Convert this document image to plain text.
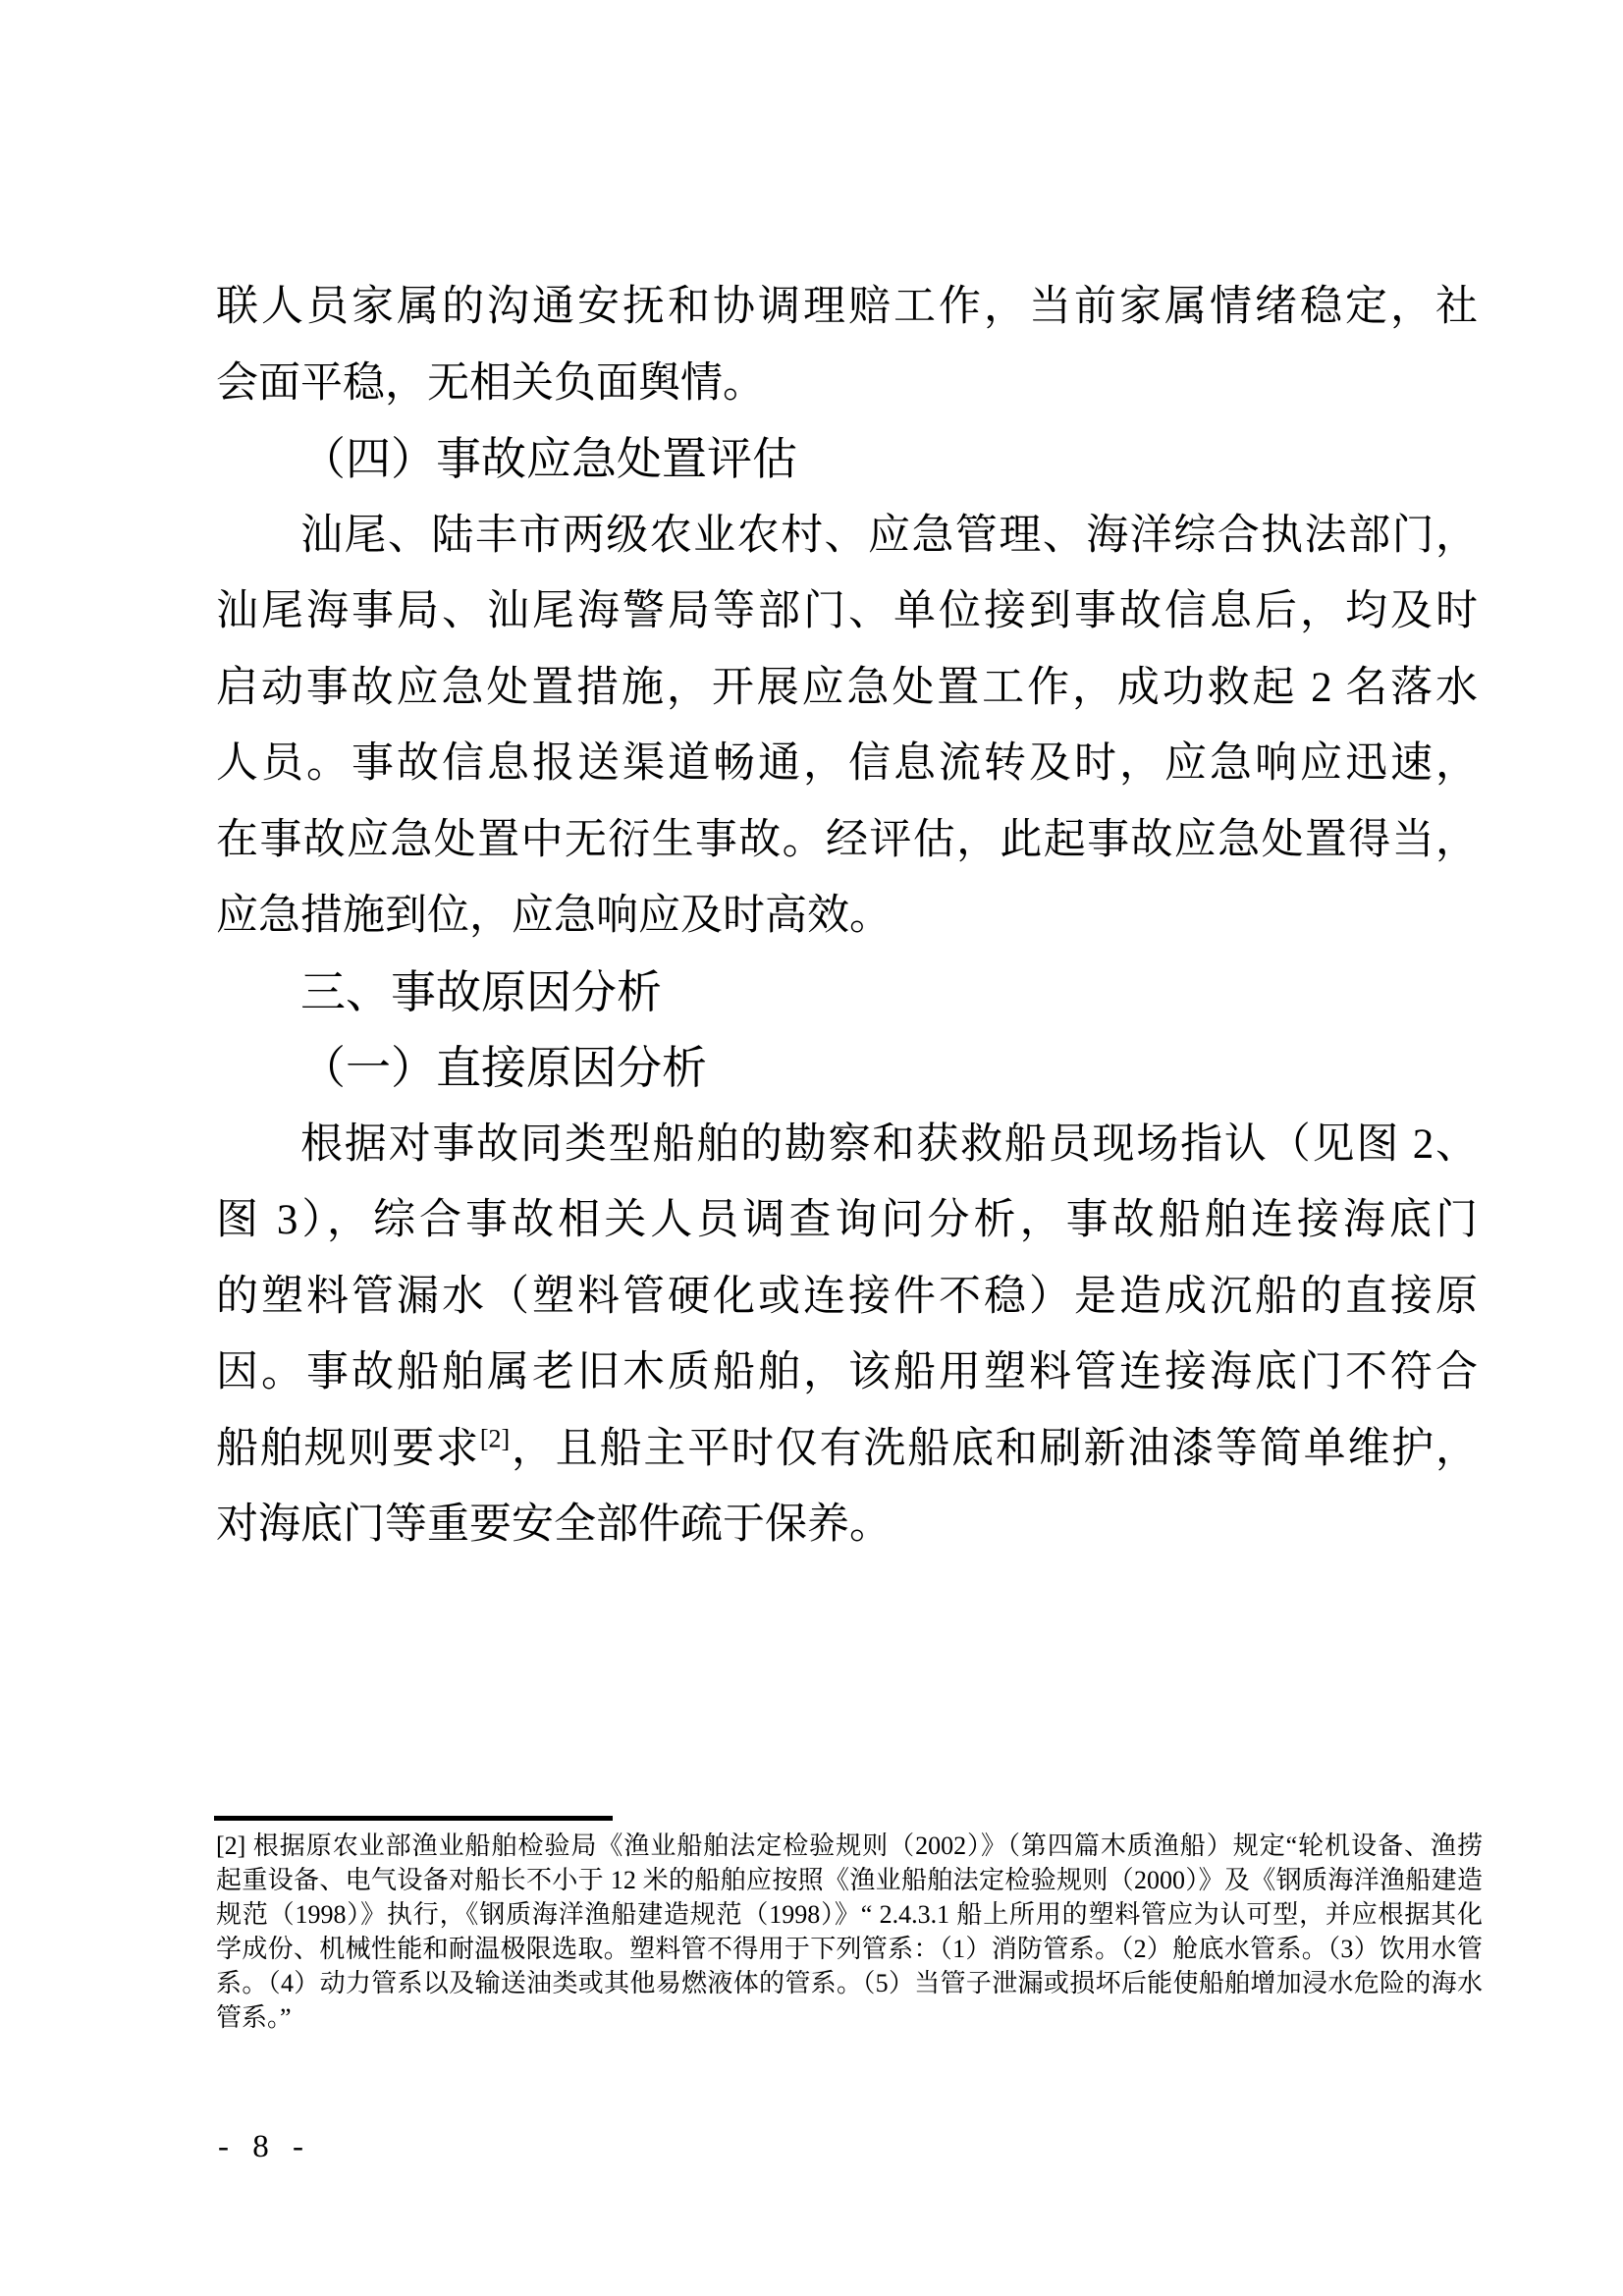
联人员家属的沟通安抚和协调理赔工作，当前家属情绪稳定，社
会面平稳，无相关负面舆情。
（四）事故应急处置评估
汕尾、陆丰市两级农业农村、应急管理、海洋综合执法部门，
汕尾海事局、汕尾海警局等部门、单位接到事故信息后，均及时
启动事故应急处置措施，开展应急处置工作，成功救起 2 名落水
人员。事故信息报送渠道畅通，信息流转及时，应急响应迅速，
在事故应急处置中无衍生事故。经评估，此起事故应急处置得当，
应急措施到位，应急响应及时高效。
三、事故原因分析
（一）直接原因分析
根据对事故同类型船舶的勘察和获救船员现场指认（见图 2、
图 3），综合事故相关人员调查询问分析，事故船舶连接海底门
的塑料管漏水（塑料管硬化或连接件不稳）是造成沉船的直接原
因。事故船舶属老旧木质船舶，该船用塑料管连接海底门不符合
船舶规则要求[2]，且船主平时仅有洗船底和刷新油漆等简单维护，
对海底门等重要安全部件疏于保养。
[2] 根据原农业部渔业船舶检验局《渔业船舶法定检验规则（2002）》（第四篇木质渔船）规定“轮机设备、渔捞
起重设备、电气设备对船长不小于 12 米的船舶应按照《渔业船舶法定检验规则（2000）》及《钢质海洋渔船建造
规范（1998）》执行，《钢质海洋渔船建造规范（1998）》“ 2.4.3.1 船上所用的塑料管应为认可型，并应根据其化
学成份、机械性能和耐温极限选取。塑料管不得用于下列管系：（1）消防管系。（2）舱底水管系。（3）饮用水管
系。（4）动力管系以及输送油类或其他易燃液体的管系。（5）当管子泄漏或损坏后能使船舶增加浸水危险的海水
管系。”
- 8 -
